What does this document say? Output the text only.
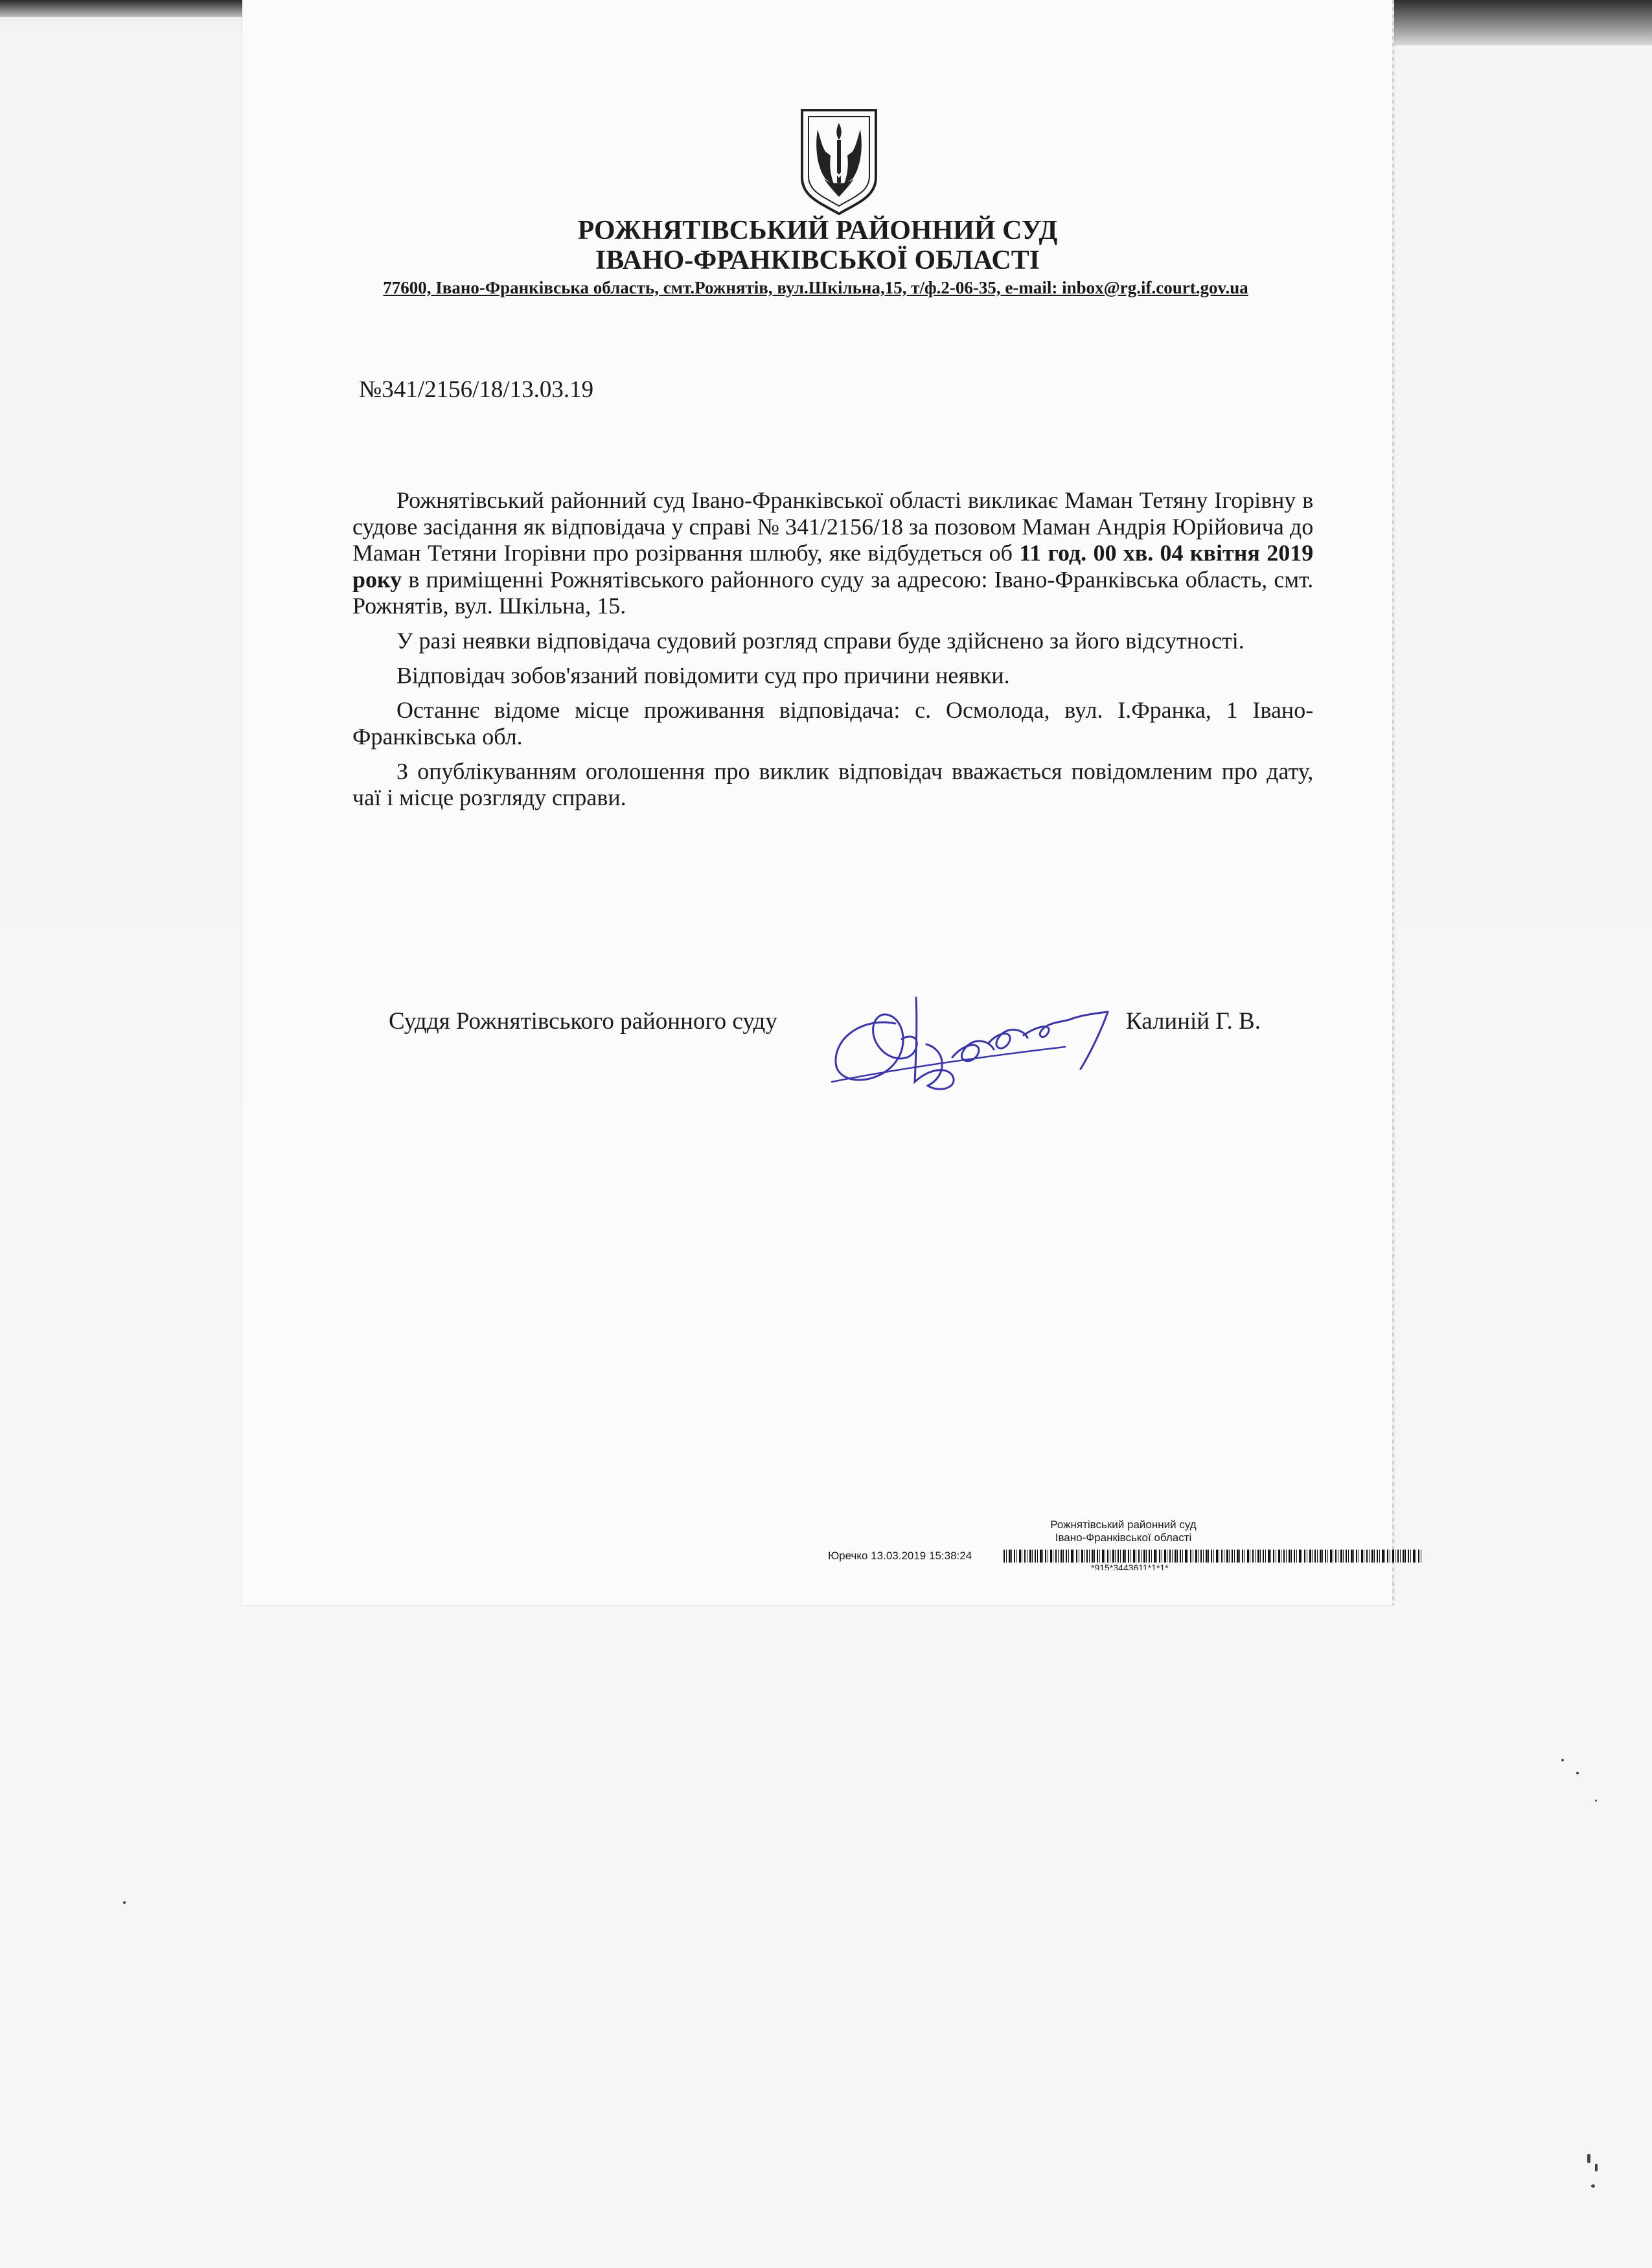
РОЖНЯТІВСЬКИЙ РАЙОННИЙ СУД
ІВАНО-ФРАНКІВСЬКОЇ ОБЛАСТІ
77600, Івано-Франківська область, смт.Рожнятів, вул.Шкільна,15, т/ф.2-06-35, e-mail: inbox@rg.if.court.gov.ua
№341/2156/18/13.03.19

Рожнятівський районний суд Івано-Франківської області викликає Маман Тетяну Ігорівну в судове засідання як відповідача у справі № 341/2156/18 за позовом Маман Андрія Юрійовича до Маман Тетяни Ігорівни про розірвання шлюбу, яке відбудеться об 11 год. 00 хв. 04 квітня 2019 року в приміщенні Рожнятівського районного суду за адресою: Івано-Франківська область, смт. Рожнятів, вул. Шкільна, 15.

У разі неявки відповідача судовий розгляд справи буде здійснено за його відсутності.

Відповідач зобов'язаний повідомити суд про причини неявки.

Останнє відоме місце проживання відповідача: с. Осмолода, вул. І.Франка, 1 Івано-Франківська обл.

З опублікуванням оголошення про виклик відповідач вважається повідомленим про дату, чаї і місце розгляду справи.

Суддя Рожнятівського районного суду	Калиній Г. В.
Рожнятівський районний суд
Івано-Франківської області
Юречко 13.03.2019 15:38:24
*915*3443611*1*1*
